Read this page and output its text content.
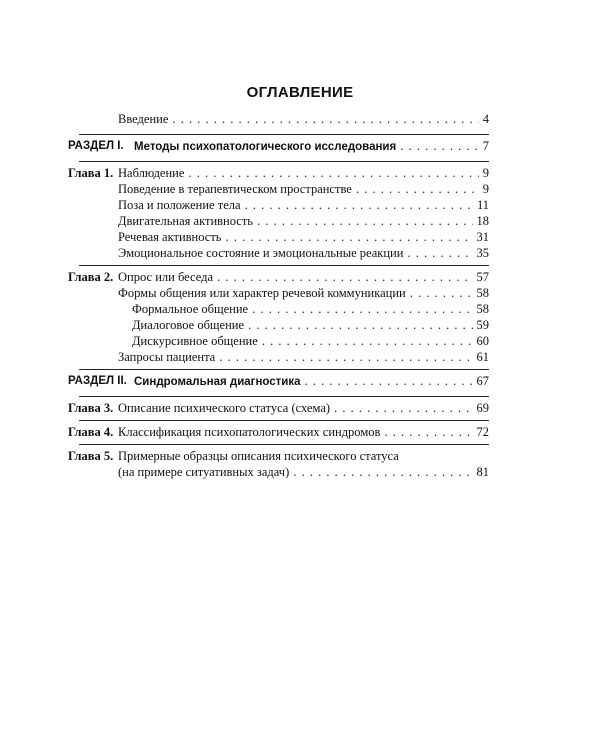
ОГЛАВЛЕНИЕ
Введение . . .	4
РАЗДЕЛ I. Методы психопатологического исследования . . .	7
Глава 1. Наблюдение . . .	9
Поведение в терапевтическом пространстве . . .	9
Поза и положение тела . . .	11
Двигательная активность . . .	18
Речевая активность . . .	31
Эмоциональное состояние и эмоциональные реакции . . .	35
Глава 2. Опрос или беседа . . .	57
Формы общения или характер речевой коммуникации . . .	58
Формальное общение . . .	58
Диалоговое общение . . .	59
Дискурсивное общение . . .	60
Запросы пациента . . .	61
РАЗДЕЛ II. Синдромальная диагностика . . .	67
Глава 3. Описание психического статуса (схема) . . .	69
Глава 4. Классификация психопатологических синдромов . . .	72
Глава 5. Примерные образцы описания психического статуса
(на примере ситуативных задач) . . .	81
